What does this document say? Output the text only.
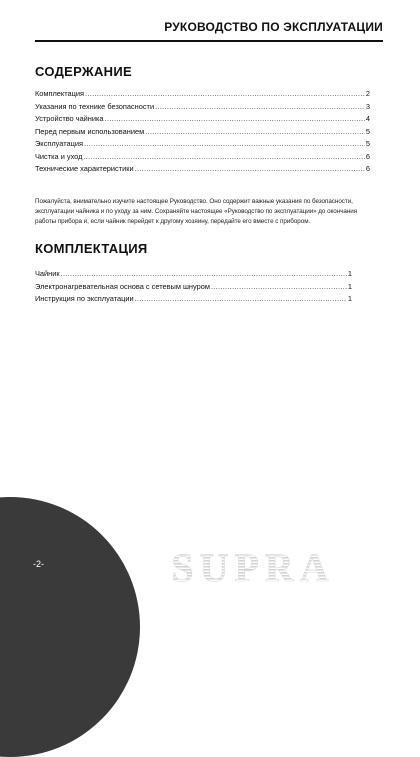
РУКОВОДСТВО ПО ЭКСПЛУАТАЦИИ
СОДЕРЖАНИЕ
Комплектация .....	2
Указания по технике безопасности .....	3
Устройство чайника .....	4
Перед первым использованием .....	5
Эксплуатация .....	5
Чистка и уход .....	6
Технические характеристики .....	6

Пожалуйста, внимательно изучите настоящее Руководство. Оно содержит важные указания по безопасности, эксплуатации чайника и по уходу за ним. Сохраняйте настоящее «Руководство по эксплуатации» до окончания работы прибора и, если чайник перейдет к другому хозяину, передайте его вместе с прибором.

КОМПЛЕКТАЦИЯ
Чайник .....	1
Электронагревательная основа с сетевым шнуром .....	1
Инструкция по эксплуатации .....	1
-2-	SUPRA
